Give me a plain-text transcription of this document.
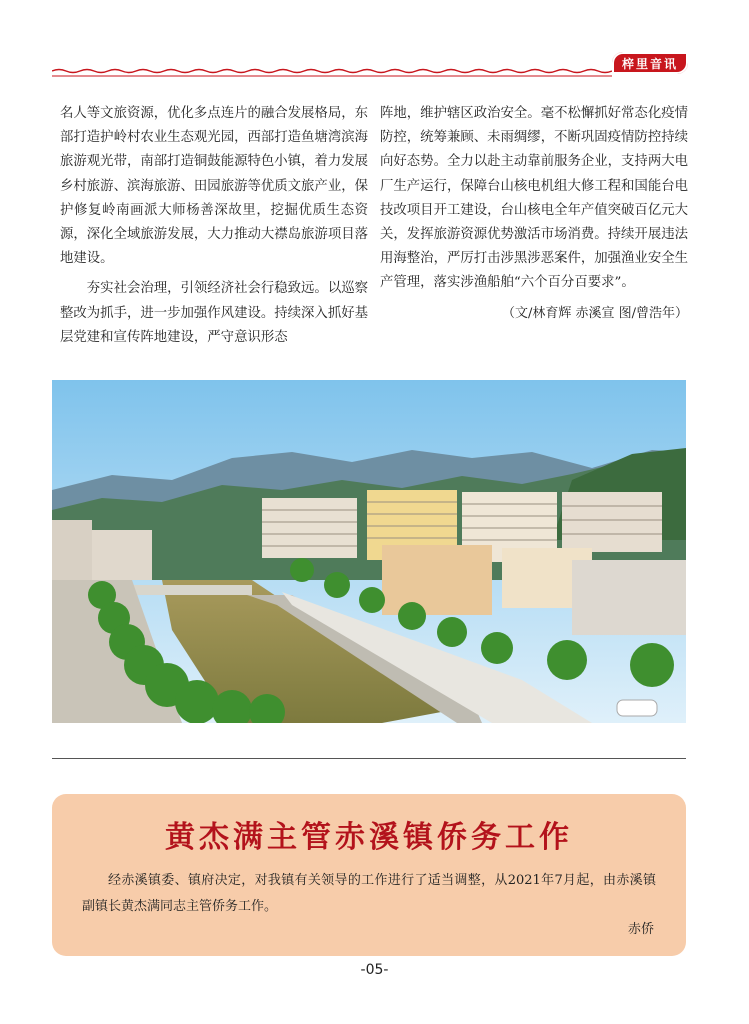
梓里音讯

名人等文旅资源，优化多点连片的融合发展格局，东部打造护岭村农业生态观光园，西部打造鱼塘湾滨海旅游观光带，南部打造铜鼓能源特色小镇，着力发展乡村旅游、滨海旅游、田园旅游等优质文旅产业，保护修复岭南画派大师杨善深故里，挖掘优质生态资源，深化全域旅游发展，大力推动大襟岛旅游项目落地建设。

夯实社会治理，引领经济社会行稳致远。以巡察整改为抓手，进一步加强作风建设。持续深入抓好基层党建和宣传阵地建设，严守意识形态

阵地，维护辖区政治安全。毫不松懈抓好常态化疫情防控，统筹兼顾、未雨绸缪，不断巩固疫情防控持续向好态势。全力以赴主动靠前服务企业，支持两大电厂生产运行，保障台山核电机组大修工程和国能台电技改项目开工建设，台山核电全年产值突破百亿元大关，发挥旅游资源优势激活市场消费。持续开展违法用海整治，严厉打击涉黑涉恶案件，加强渔业安全生产管理，落实涉渔船舶“六个百分百要求”。

（文/林育辉 赤溪宣 图/曾浩年）
黄杰满主管赤溪镇侨务工作
经赤溪镇委、镇府决定，对我镇有关领导的工作进行了适当调整，从2021年7月起，由赤溪镇副镇长黄杰满同志主管侨务工作。
赤侨
-05-
